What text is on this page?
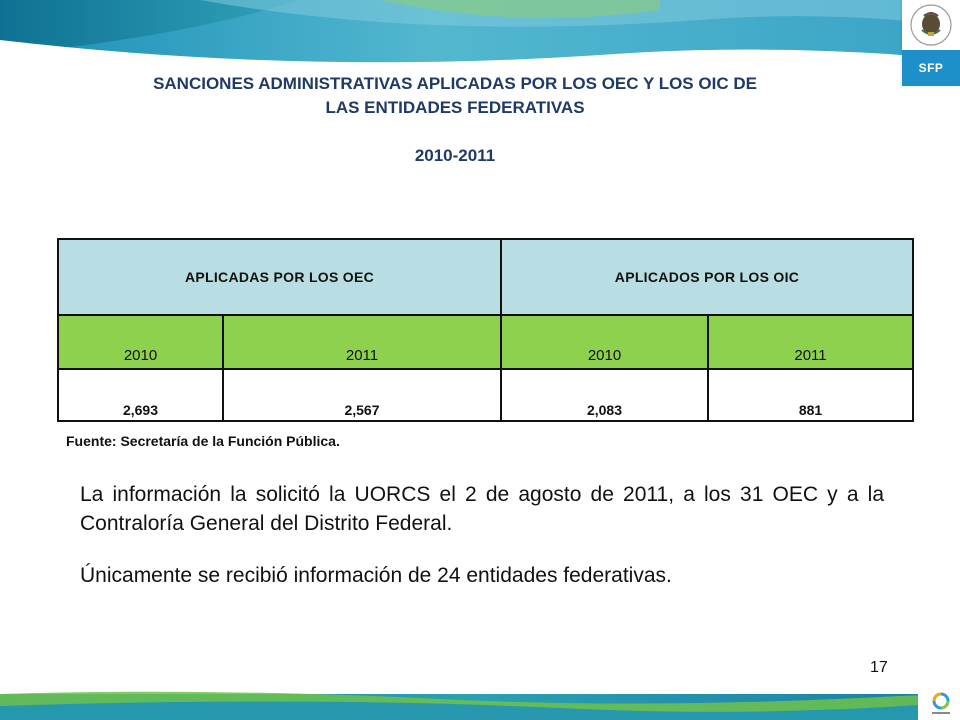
SFP
SANCIONES ADMINISTRATIVAS APLICADAS POR LOS OEC Y LOS OIC DE
LAS ENTIDADES FEDERATIVAS
2010-2011
APLICADAS POR LOS OEC		APLICADOS POR LOS OIC	
2010	2011	2010	2011
2,693	2,567	2,083	881

Fuente: Secretaría de la Función Pública.

La información la solicitó la UORCS el 2 de agosto de 2011, a los 31 OEC y a la Contraloría General del Distrito Federal.

Únicamente se recibió información de 24 entidades federativas.

17
